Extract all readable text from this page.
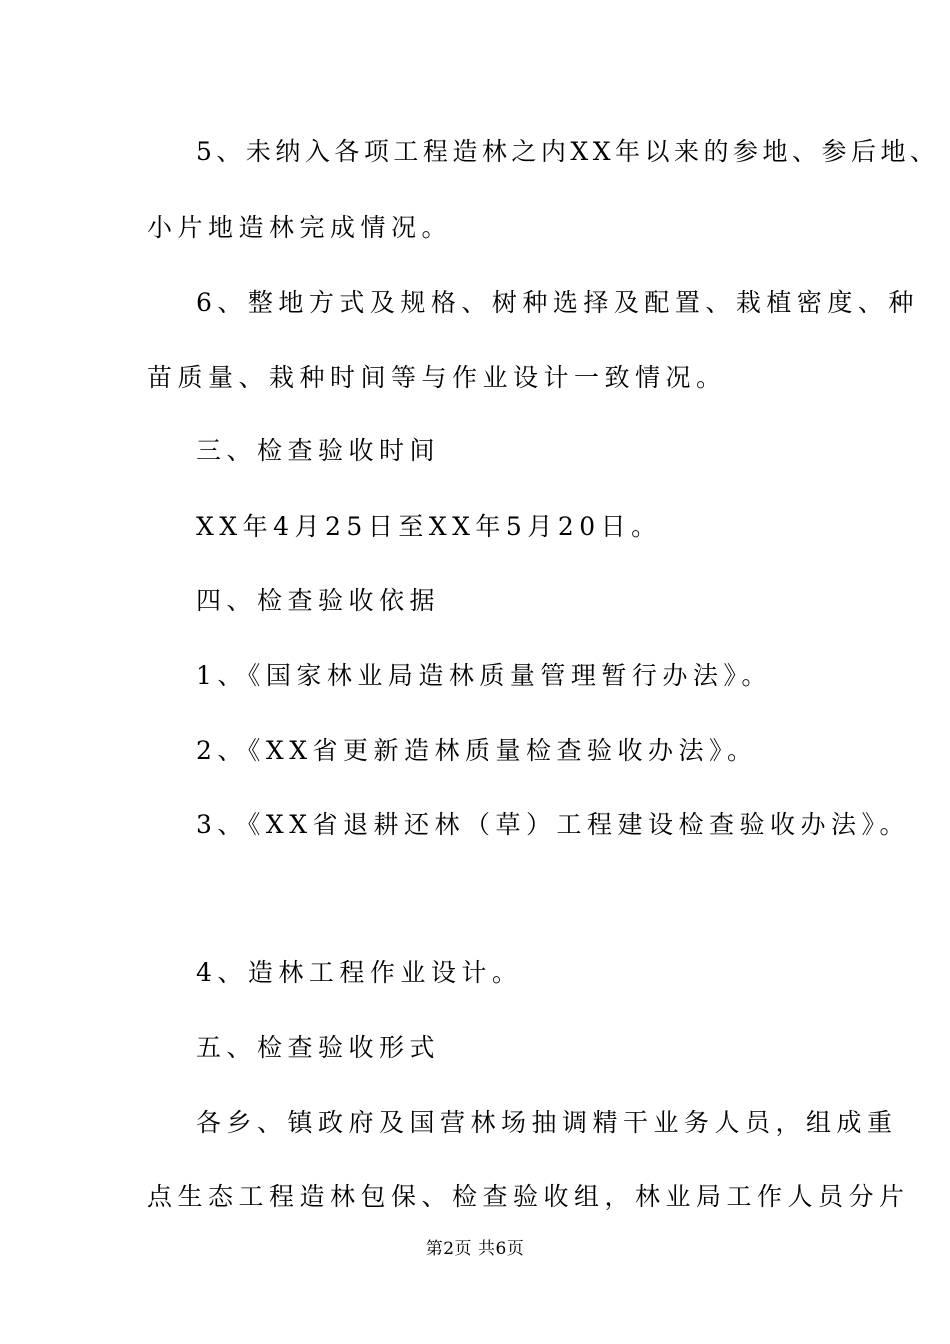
5、未纳入各项工程造林之内XX年以来的参地、参后地、
小片地造林完成情况。
6、整地方式及规格、树种选择及配置、栽植密度、种
苗质量、栽种时间等与作业设计一致情况。
三、检查验收时间
XX年4月25日至XX年5月20日。
四、检查验收依据
1、《国家林业局造林质量管理暂行办法》。
2、《XX省更新造林质量检查验收办法》。
3、《XX省退耕还林（草）工程建设检查验收办法》。
4、造林工程作业设计。
五、检查验收形式
各乡、镇政府及国营林场抽调精干业务人员，组成重
点生态工程造林包保、检查验收组，林业局工作人员分片
第2页 共6页
